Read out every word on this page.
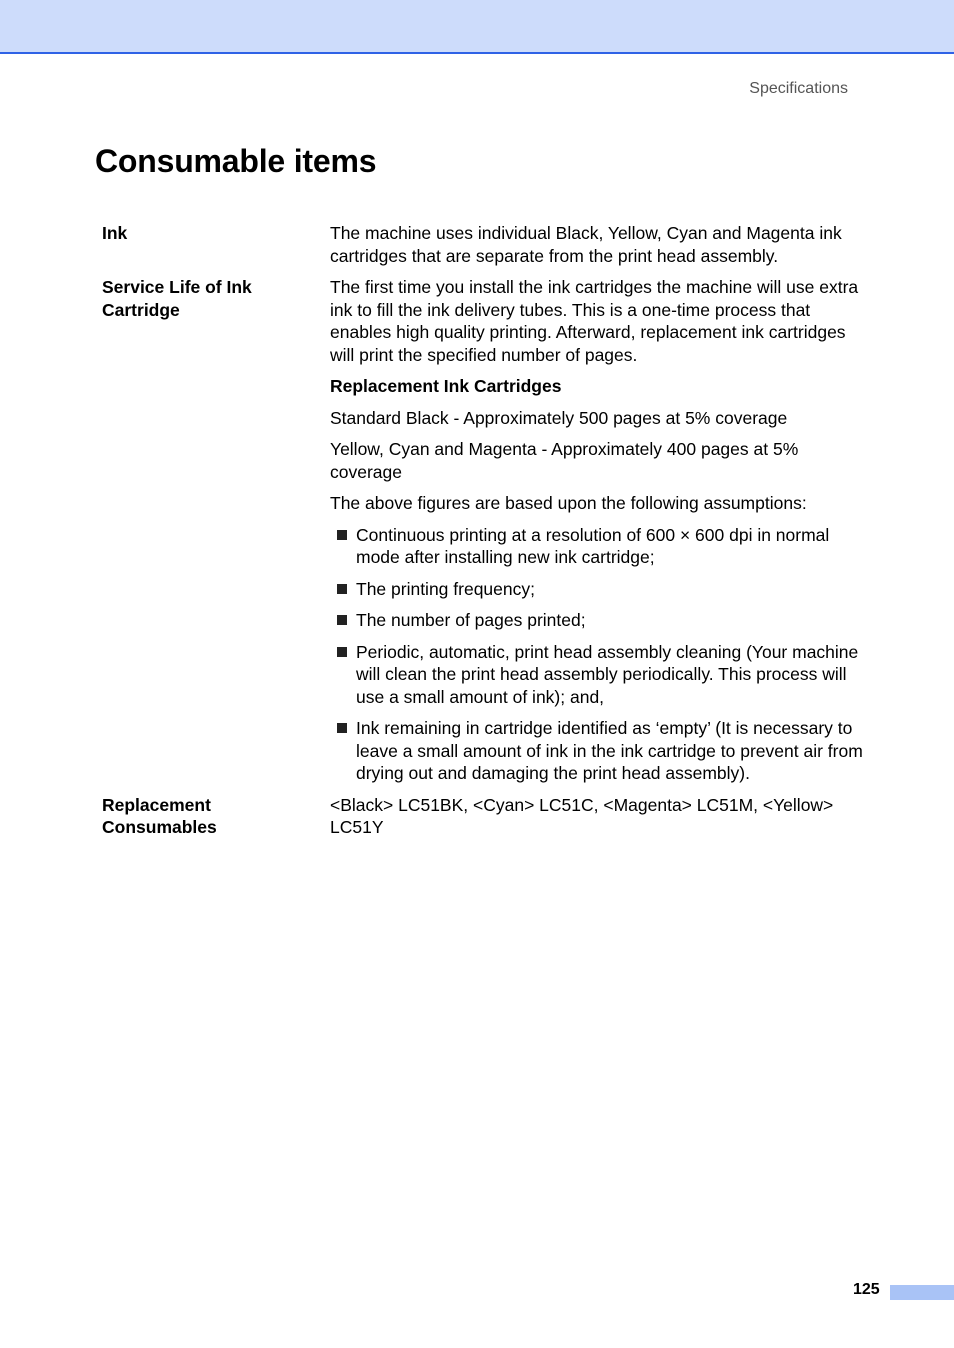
Specifications
Consumable items
Ink	The machine uses individual Black, Yellow, Cyan and Magenta ink cartridges that are separate from the print head assembly.
Service Life of Ink Cartridge

The first time you install the ink cartridges the machine will use extra ink to fill the ink delivery tubes. This is a one-time process that enables high quality printing. Afterward, replacement ink cartridges will print the specified number of pages.

Replacement Ink Cartridges

Standard Black - Approximately 500 pages at 5% coverage

Yellow, Cyan and Magenta - Approximately 400 pages at 5% coverage

The above figures are based upon the following assumptions:

Continuous printing at a resolution of 600 × 600 dpi in normal mode after installing new ink cartridge;
The printing frequency;
The number of pages printed;
Periodic, automatic, print head assembly cleaning (Your machine will clean the print head assembly periodically. This process will use a small amount of ink); and,
Ink remaining in cartridge identified as ‘empty’ (It is necessary to leave a small amount of ink in the ink cartridge to prevent air from drying out and damaging the print head assembly).
Replacement Consumables
<Black> LC51BK, <Cyan> LC51C, <Magenta> LC51M, <Yellow> LC51Y
125
